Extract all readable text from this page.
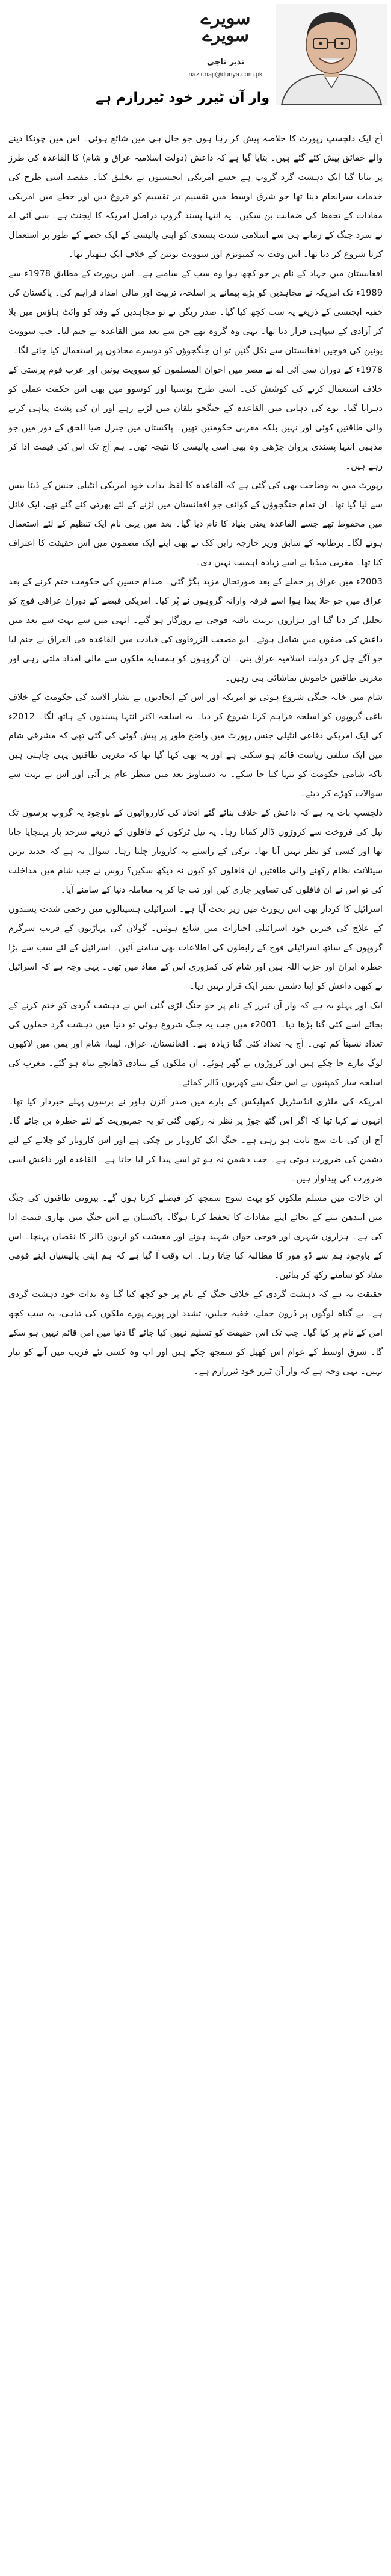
سویرے
سویرے
نذیر ناجی
nazir.naji@dunya.com.pk
وار آن ٹیرر خود ٹیررازم ہے

آج ایک دلچسپ رپورٹ کا خلاصہ پیش کر رہا ہوں جو حال ہی میں شائع ہوئی۔ اس میں چونکا دینے والے حقائق پیش کئے گئے ہیں۔ بتایا گیا ہے کہ داعش (دولت اسلامیہ عراق و شام) کا القاعدہ کی طرز پر بنایا گیا ایک دہشت گرد گروپ ہے جسے امریکی ایجنسیوں نے تخلیق کیا۔ مقصد اسی طرح کی خدمات سرانجام دینا تھا جو شرق اوسط میں تقسیم در تقسیم کو فروغ دیں اور خطے میں امریکی مفادات کے تحفظ کی ضمانت بن سکیں۔ یہ انتہا پسند گروپ دراصل امریکہ کا ایجنٹ ہے۔ سی آئی اے نے سرد جنگ کے زمانے ہی سے اسلامی شدت پسندی کو اپنی پالیسی کے ایک حصے کے طور پر استعمال کرنا شروع کر دیا تھا۔ اس وقت یہ کمیونزم اور سوویت یونین کے خلاف ایک ہتھیار تھا۔

افغانستان میں جہاد کے نام پر جو کچھ ہوا وہ سب کے سامنے ہے۔ اس رپورٹ کے مطابق 1978ء سے 1989ء تک امریکہ نے مجاہدین کو بڑے پیمانے پر اسلحہ، تربیت اور مالی امداد فراہم کی۔ پاکستان کی خفیہ ایجنسی کے ذریعے یہ سب کچھ کیا گیا۔ صدر ریگن نے تو مجاہدین کے وفد کو وائٹ ہاؤس میں بلا کر آزادی کے سپاہی قرار دیا تھا۔ یہی وہ گروہ تھے جن سے بعد میں القاعدہ نے جنم لیا۔ جب سوویت یونین کی فوجیں افغانستان سے نکل گئیں تو ان جنگجوؤں کو دوسرے محاذوں پر استعمال کیا جانے لگا۔

1978ء کے دوران سی آئی اے نے مصر میں اخوان المسلمون کو سوویت یونین اور عرب قوم پرستی کے خلاف استعمال کرنے کی کوشش کی۔ اسی طرح بوسنیا اور کوسوو میں بھی اس حکمت عملی کو دہرایا گیا۔ نوے کی دہائی میں القاعدہ کے جنگجو بلقان میں لڑتے رہے اور ان کی پشت پناہی کرنے والی طاقتیں کوئی اور نہیں بلکہ مغربی حکومتیں تھیں۔ پاکستان میں جنرل ضیا الحق کے دور میں جو مذہبی انتہا پسندی پروان چڑھی وہ بھی اسی پالیسی کا نتیجہ تھی۔ ہم آج تک اس کی قیمت ادا کر رہے ہیں۔

رپورٹ میں یہ وضاحت بھی کی گئی ہے کہ القاعدہ کا لفظ بذات خود امریکی انٹیلی جنس کے ڈیٹا بیس سے لیا گیا تھا۔ ان تمام جنگجوؤں کے کوائف جو افغانستان میں لڑنے کے لئے بھرتی کئے گئے تھے، ایک فائل میں محفوظ تھے جسے القاعدہ یعنی بنیاد کا نام دیا گیا۔ بعد میں یہی نام ایک تنظیم کے لئے استعمال ہونے لگا۔ برطانیہ کے سابق وزیر خارجہ رابن کک نے بھی اپنے ایک مضمون میں اس حقیقت کا اعتراف کیا تھا۔ مغربی میڈیا نے اسے زیادہ اہمیت نہیں دی۔

2003ء میں عراق پر حملے کے بعد صورتحال مزید بگڑ گئی۔ صدام حسین کی حکومت ختم کرنے کے بعد عراق میں جو خلا پیدا ہوا اسے فرقہ وارانہ گروہوں نے پُر کیا۔ امریکی قبضے کے دوران عراقی فوج کو تحلیل کر دیا گیا اور ہزاروں تربیت یافتہ فوجی بے روزگار ہو گئے۔ انہی میں سے بہت سے بعد میں داعش کی صفوں میں شامل ہوئے۔ ابو مصعب الزرقاوی کی قیادت میں القاعدہ فی العراق نے جنم لیا جو آگے چل کر دولت اسلامیہ عراق بنی۔ ان گروہوں کو ہمسایہ ملکوں سے مالی امداد ملتی رہی اور مغربی طاقتیں خاموش تماشائی بنی رہیں۔

شام میں خانہ جنگی شروع ہوئی تو امریکہ اور اس کے اتحادیوں نے بشار الاسد کی حکومت کے خلاف باغی گروپوں کو اسلحہ فراہم کرنا شروع کر دیا۔ یہ اسلحہ اکثر انتہا پسندوں کے ہاتھ لگا۔ 2012ء کی ایک امریکی دفاعی انٹیلی جنس رپورٹ میں واضح طور پر پیش گوئی کی گئی تھی کہ مشرقی شام میں ایک سلفی ریاست قائم ہو سکتی ہے اور یہ بھی کہا گیا تھا کہ مغربی طاقتیں یہی چاہتی ہیں تاکہ شامی حکومت کو تنہا کیا جا سکے۔ یہ دستاویز بعد میں منظر عام پر آئی اور اس نے بہت سے سوالات کھڑے کر دیئے۔

دلچسپ بات یہ ہے کہ داعش کے خلاف بنائے گئے اتحاد کی کارروائیوں کے باوجود یہ گروپ برسوں تک تیل کی فروخت سے کروڑوں ڈالر کماتا رہا۔ یہ تیل ٹرکوں کے قافلوں کے ذریعے سرحد پار پہنچایا جاتا تھا اور کسی کو نظر نہیں آتا تھا۔ ترکی کے راستے یہ کاروبار چلتا رہا۔ سوال یہ ہے کہ جدید ترین سیٹلائٹ نظام رکھنے والی طاقتیں ان قافلوں کو کیوں نہ دیکھ سکیں؟ روس نے جب شام میں مداخلت کی تو اس نے ان قافلوں کی تصاویر جاری کیں اور تب جا کر یہ معاملہ دنیا کے سامنے آیا۔

اسرائیل کا کردار بھی اس رپورٹ میں زیر بحث آیا ہے۔ اسرائیلی ہسپتالوں میں زخمی شدت پسندوں کے علاج کی خبریں خود اسرائیلی اخبارات میں شائع ہوئیں۔ گولان کی پہاڑیوں کے قریب سرگرم گروپوں کے ساتھ اسرائیلی فوج کے رابطوں کی اطلاعات بھی سامنے آئیں۔ اسرائیل کے لئے سب سے بڑا خطرہ ایران اور حزب اللہ ہیں اور شام کی کمزوری اس کے مفاد میں تھی۔ یہی وجہ ہے کہ اسرائیل نے کبھی داعش کو اپنا دشمن نمبر ایک قرار نہیں دیا۔

ایک اور پہلو یہ ہے کہ وار آن ٹیرر کے نام پر جو جنگ لڑی گئی اس نے دہشت گردی کو ختم کرنے کے بجائے اسے کئی گنا بڑھا دیا۔ 2001ء میں جب یہ جنگ شروع ہوئی تو دنیا میں دہشت گرد حملوں کی تعداد نسبتاً کم تھی۔ آج یہ تعداد کئی گنا زیادہ ہے۔ افغانستان، عراق، لیبیا، شام اور یمن میں لاکھوں لوگ مارے جا چکے ہیں اور کروڑوں بے گھر ہوئے۔ ان ملکوں کے بنیادی ڈھانچے تباہ ہو گئے۔ مغرب کی اسلحہ ساز کمپنیوں نے اس جنگ سے کھربوں ڈالر کمائے۔

امریکہ کی ملٹری انڈسٹریل کمپلیکس کے بارے میں صدر آئزن ہاور نے برسوں پہلے خبردار کیا تھا۔ انہوں نے کہا تھا کہ اگر اس گٹھ جوڑ پر نظر نہ رکھی گئی تو یہ جمہوریت کے لئے خطرہ بن جائے گا۔ آج ان کی بات سچ ثابت ہو رہی ہے۔ جنگ ایک کاروبار بن چکی ہے اور اس کاروبار کو چلانے کے لئے دشمن کی ضرورت ہوتی ہے۔ جب دشمن نہ ہو تو اسے پیدا کر لیا جاتا ہے۔ القاعدہ اور داعش اسی ضرورت کی پیداوار ہیں۔

ان حالات میں مسلم ملکوں کو بہت سوچ سمجھ کر فیصلے کرنا ہوں گے۔ بیرونی طاقتوں کی جنگ میں ایندھن بننے کے بجائے اپنے مفادات کا تحفظ کرنا ہوگا۔ پاکستان نے اس جنگ میں بھاری قیمت ادا کی ہے۔ ہزاروں شہری اور فوجی جوان شہید ہوئے اور معیشت کو اربوں ڈالر کا نقصان پہنچا۔ اس کے باوجود ہم سے ڈو مور کا مطالبہ کیا جاتا رہا۔ اب وقت آ گیا ہے کہ ہم اپنی پالیسیاں اپنے قومی مفاد کو سامنے رکھ کر بنائیں۔

حقیقت یہ ہے کہ دہشت گردی کے خلاف جنگ کے نام پر جو کچھ کیا گیا وہ بذات خود دہشت گردی ہے۔ بے گناہ لوگوں پر ڈرون حملے، خفیہ جیلیں، تشدد اور پورے پورے ملکوں کی تباہی، یہ سب کچھ امن کے نام پر کیا گیا۔ جب تک اس حقیقت کو تسلیم نہیں کیا جائے گا دنیا میں امن قائم نہیں ہو سکے گا۔ شرق اوسط کے عوام اس کھیل کو سمجھ چکے ہیں اور اب وہ کسی نئے فریب میں آنے کو تیار نہیں۔ یہی وجہ ہے کہ وار آن ٹیرر خود ٹیررازم ہے۔
